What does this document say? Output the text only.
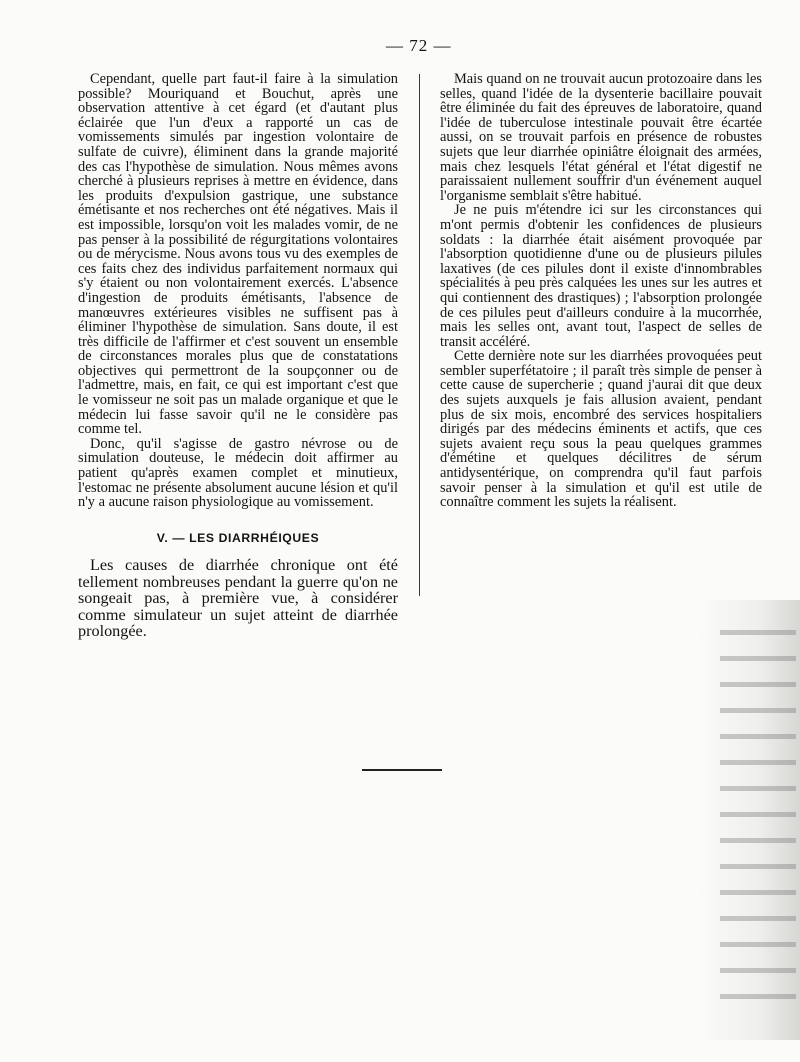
— 72 —

Cependant, quelle part faut-il faire à la simulation possible? Mouriquand et Bouchut, après une observation attentive à cet égard (et d'autant plus éclairée que l'un d'eux a rapporté un cas de vomissements simulés par ingestion volontaire de sulfate de cuivre), éliminent dans la grande majorité des cas l'hypothèse de simulation. Nous mêmes avons cherché à plusieurs reprises à mettre en évidence, dans les produits d'expulsion gastrique, une substance émétisante et nos recherches ont été négatives. Mais il est impossible, lorsqu'on voit les malades vomir, de ne pas penser à la possibilité de régurgitations volontaires ou de mérycisme. Nous avons tous vu des exemples de ces faits chez des individus parfaitement normaux qui s'y étaient ou non volontairement exercés. L'absence d'ingestion de produits émétisants, l'absence de manœuvres extérieures visibles ne suffisent pas à éliminer l'hypothèse de simulation. Sans doute, il est très difficile de l'affirmer et c'est souvent un ensemble de circonstances morales plus que de constatations objectives qui permettront de la soupçonner ou de l'admettre, mais, en fait, ce qui est important c'est que le vomisseur ne soit pas un malade organique et que le médecin lui fasse savoir qu'il ne le considère pas comme tel.

Donc, qu'il s'agisse de gastro névrose ou de simulation douteuse, le médecin doit affirmer au patient qu'après examen complet et minutieux, l'estomac ne présente absolument aucune lésion et qu'il n'y a aucune raison physiologique au vomissement.

V. — LES DIARRHÉIQUES

Les causes de diarrhée chronique ont été tellement nombreuses pendant la guerre qu'on ne songeait pas, à première vue, à considérer comme simulateur un sujet atteint de diarrhée prolongée.

Mais quand on ne trouvait aucun protozoaire dans les selles, quand l'idée de la dysenterie bacillaire pouvait être éliminée du fait des épreuves de laboratoire, quand l'idée de tuberculose intestinale pouvait être écartée aussi, on se trouvait parfois en présence de robustes sujets que leur diarrhée opiniâtre éloignait des armées, mais chez lesquels l'état général et l'état digestif ne paraissaient nullement souffrir d'un événement auquel l'organisme semblait s'être habitué.

Je ne puis m'étendre ici sur les circonstances qui m'ont permis d'obtenir les confidences de plusieurs soldats : la diarrhée était aisément provoquée par l'absorption quotidienne d'une ou de plusieurs pilules laxatives (de ces pilules dont il existe d'innombrables spécialités à peu près calquées les unes sur les autres et qui contiennent des drastiques) ; l'absorption prolongée de ces pilules peut d'ailleurs conduire à la mucorrhée, mais les selles ont, avant tout, l'aspect de selles de transit accéléré.

Cette dernière note sur les diarrhées provoquées peut sembler superfétatoire ; il paraît très simple de penser à cette cause de supercherie ; quand j'aurai dit que deux des sujets auxquels je fais allusion avaient, pendant plus de six mois, encombré des services hospitaliers dirigés par des médecins éminents et actifs, que ces sujets avaient reçu sous la peau quelques grammes d'émétine et quelques décilitres de sérum antidysentérique, on comprendra qu'il faut parfois savoir penser à la simulation et qu'il est utile de connaître comment les sujets la réalisent.
